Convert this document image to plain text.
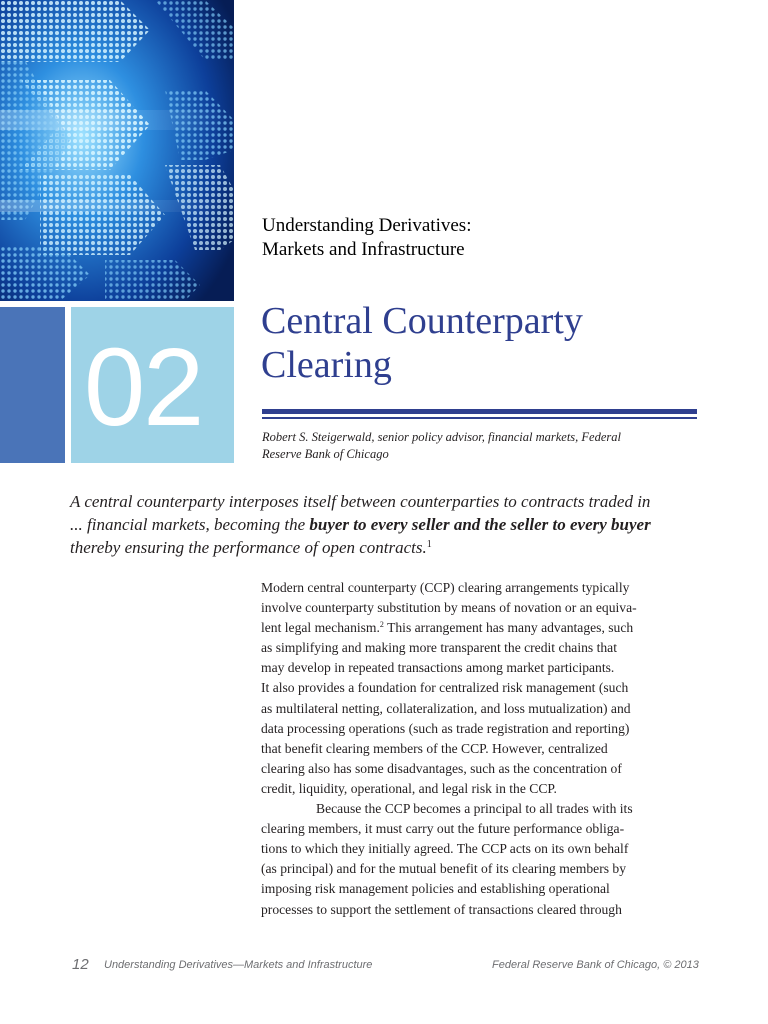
Understanding Derivatives:
Markets and Infrastructure
02
Central Counterparty
Clearing
Robert S. Steigerwald, senior policy advisor, financial markets, Federal
Reserve Bank of Chicago
A central counterparty interposes itself between counterparties to contracts traded in
... financial markets, becoming the buyer to every seller and the seller to every buyer
thereby ensuring the performance of open contracts.$^1$
Modern central counterparty (CCP) clearing arrangements typically
involve counterparty substitution by means of novation or an equiva-
lent legal mechanism.$^2$ This arrangement has many advantages, such
as simplifying and making more transparent the credit chains that
may develop in repeated transactions among market participants.
It also provides a foundation for centralized risk management (such
as multilateral netting, collateralization, and loss mutualization) and
data processing operations (such as trade registration and reporting)
that benefit clearing members of the CCP. However, centralized
clearing also has some disadvantages, such as the concentration of
credit, liquidity, operational, and legal risk in the CCP.
Because the CCP becomes a principal to all trades with its
clearing members, it must carry out the future performance obliga-
tions to which they initially agreed. The CCP acts on its own behalf
(as principal) and for the mutual benefit of its clearing members by
imposing risk management policies and establishing operational
processes to support the settlement of transactions cleared through
12 Understanding Derivatives—Markets and Infrastructure	Federal Reserve Bank of Chicago, © 2013
